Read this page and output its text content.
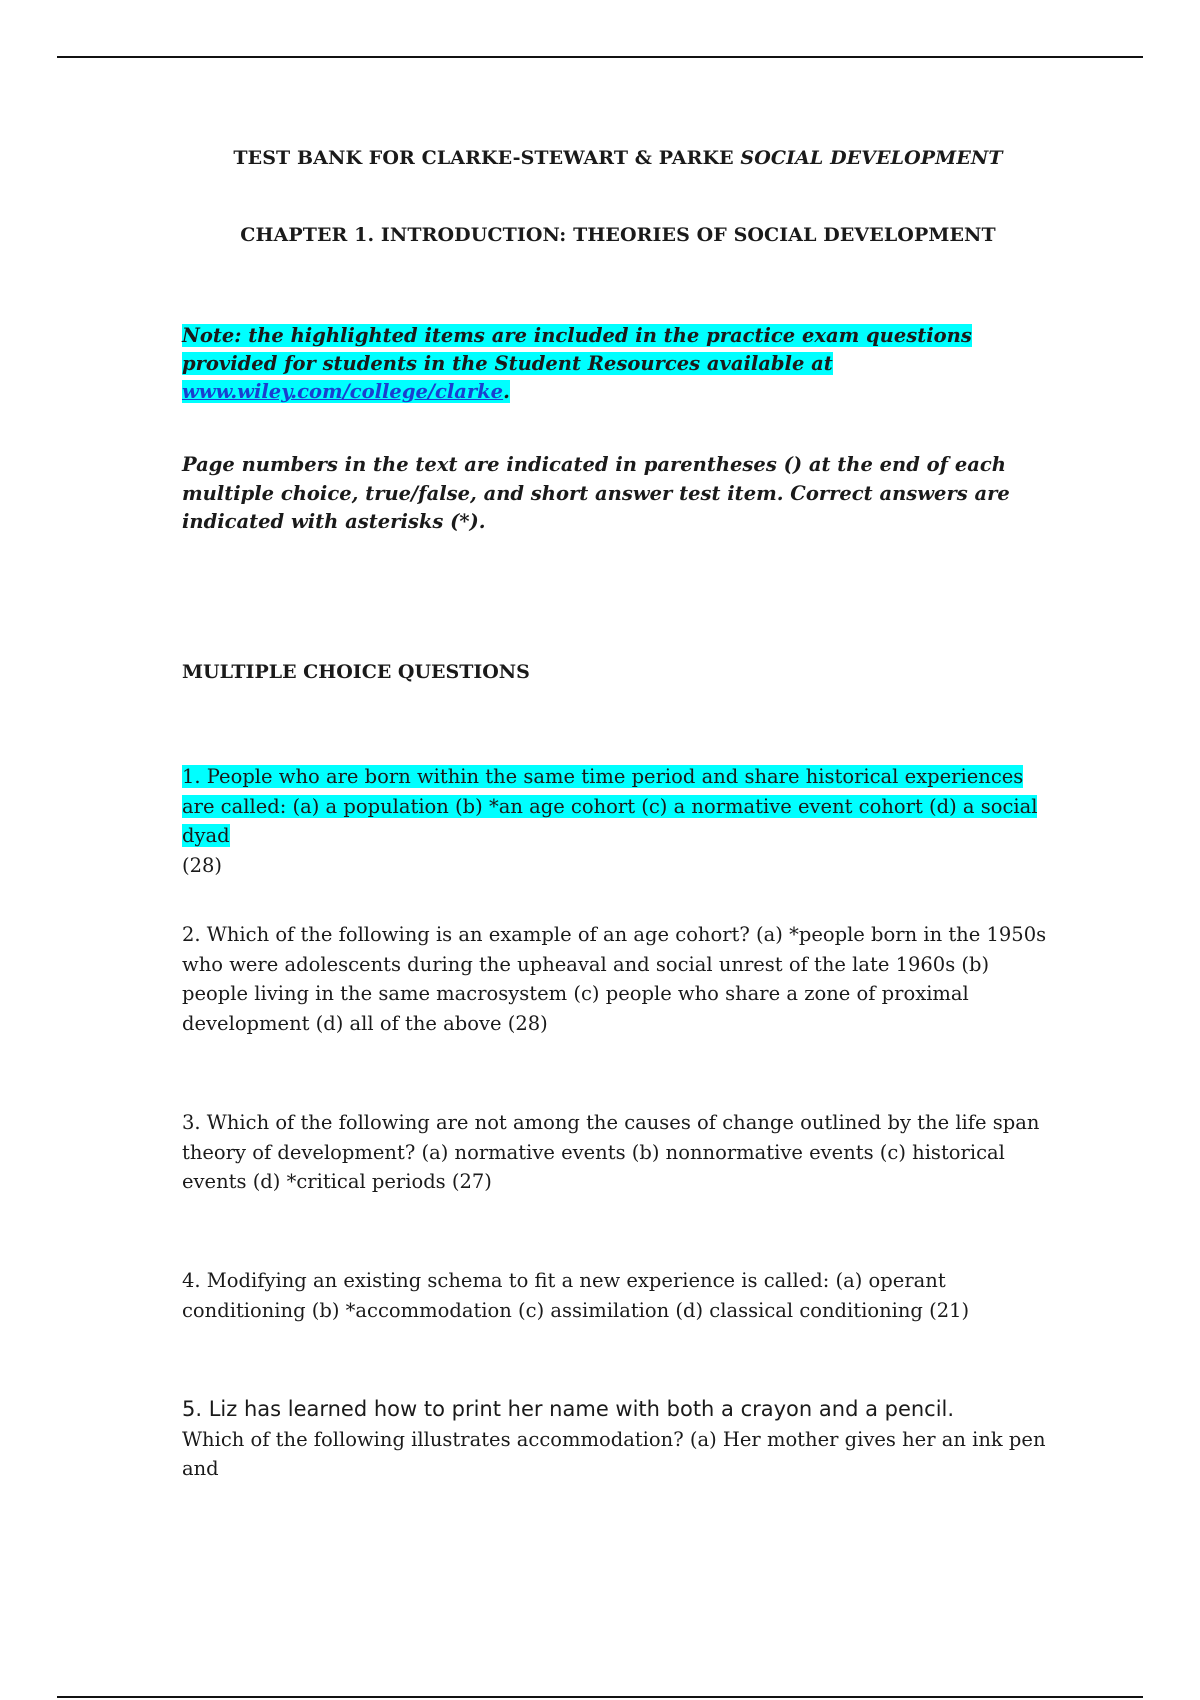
TEST BANK FOR CLARKE-STEWART & PARKE SOCIAL DEVELOPMENT
CHAPTER 1. INTRODUCTION: THEORIES OF SOCIAL DEVELOPMENT
Note: the highlighted items are included in the practice exam questions provided for students in the Student Resources available at www.wiley.com/college/clarke.
Page numbers in the text are indicated in parentheses () at the end of each multiple choice, true/false, and short answer test item. Correct answers are indicated with asterisks (*).
MULTIPLE CHOICE QUESTIONS
1. People who are born within the same time period and share historical experiences are called: (a) a population (b) *an age cohort (c) a normative event cohort (d) a social dyad
(28)
2. Which of the following is an example of an age cohort? (a) *people born in the 1950s who were adolescents during the upheaval and social unrest of the late 1960s (b) people living in the same macrosystem (c) people who share a zone of proximal development (d) all of the above (28)
3. Which of the following are not among the causes of change outlined by the life span theory of development? (a) normative events (b) nonnormative events (c) historical events (d) *critical periods (27)
4. Modifying an existing schema to fit a new experience is called: (a) operant conditioning (b) *accommodation (c) assimilation (d) classical conditioning (21)
5. Liz has learned how to print her name with both a crayon and a pencil.
Which of the following illustrates accommodation? (a) Her mother gives her an ink pen and
